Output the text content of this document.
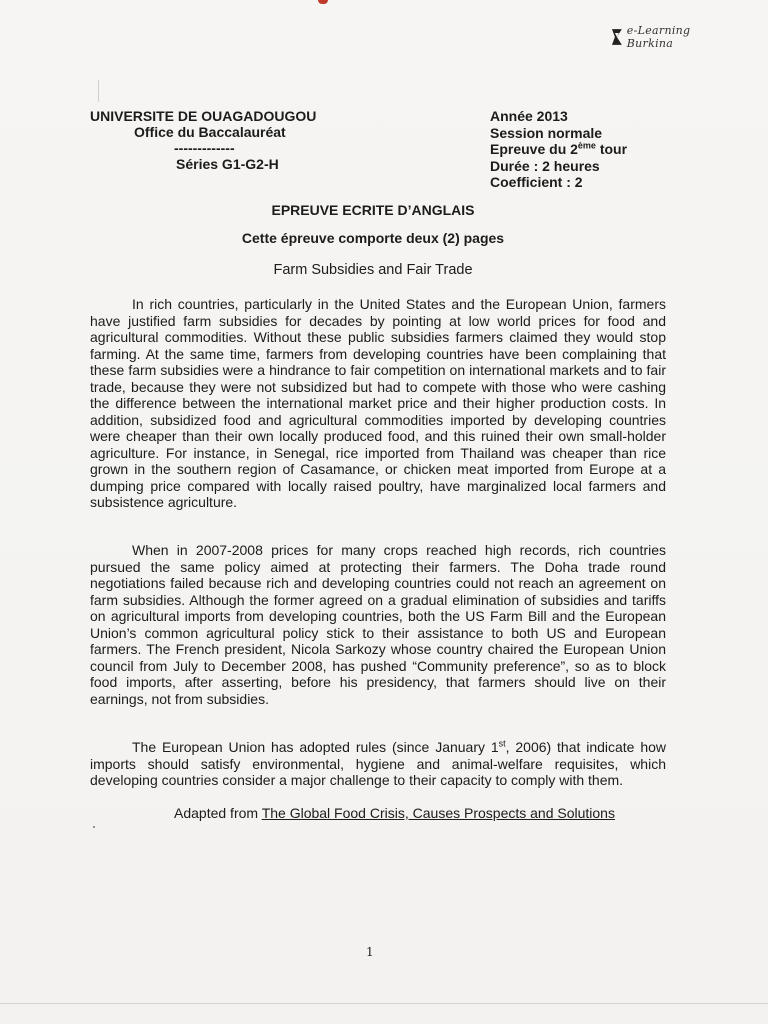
e-Learning Burkina
UNIVERSITE DE OUAGADOUGOU
Office du Baccalauréat
-------------
Séries G1-G2-H
Année 2013
Session normale
Epreuve du 2ème tour
Durée : 2 heures
Coefficient : 2
EPREUVE ECRITE D’ANGLAIS
Cette épreuve comporte deux (2) pages
Farm Subsidies and Fair Trade

In rich countries, particularly in the United States and the European Union, farmers have justified farm subsidies for decades by pointing at low world prices for food and agricultural commodities. Without these public subsidies farmers claimed they would stop farming. At the same time, farmers from developing countries have been complaining that these farm subsidies were a hindrance to fair competition on international markets and to fair trade, because they were not subsidized but had to compete with those who were cashing the difference between the international market price and their higher production costs. In addition, subsidized food and agricultural commodities imported by developing countries were cheaper than their own locally produced food, and this ruined their own small-holder agriculture. For instance, in Senegal, rice imported from Thailand was cheaper than rice grown in the southern region of Casamance, or chicken meat imported from Europe at a dumping price compared with locally raised poultry, have marginalized local farmers and subsistence agriculture.

When in 2007-2008 prices for many crops reached high records, rich countries pursued the same policy aimed at protecting their farmers. The Doha trade round negotiations failed because rich and developing countries could not reach an agreement on farm subsidies. Although the former agreed on a gradual elimination of subsidies and tariffs on agricultural imports from developing countries, both the US Farm Bill and the European Union’s common agricultural policy stick to their assistance to both US and European farmers. The French president, Nicola Sarkozy whose country chaired the European Union council from July to December 2008, has pushed “Community preference”, so as to block food imports, after asserting, before his presidency, that farmers should live on their earnings, not from subsidies.

The European Union has adopted rules (since January 1st, 2006) that indicate how imports should satisfy environmental, hygiene and animal-welfare requisites, which developing countries consider a major challenge to their capacity to comply with them.

Adapted from The Global Food Crisis, Causes Prospects and Solutions
1
